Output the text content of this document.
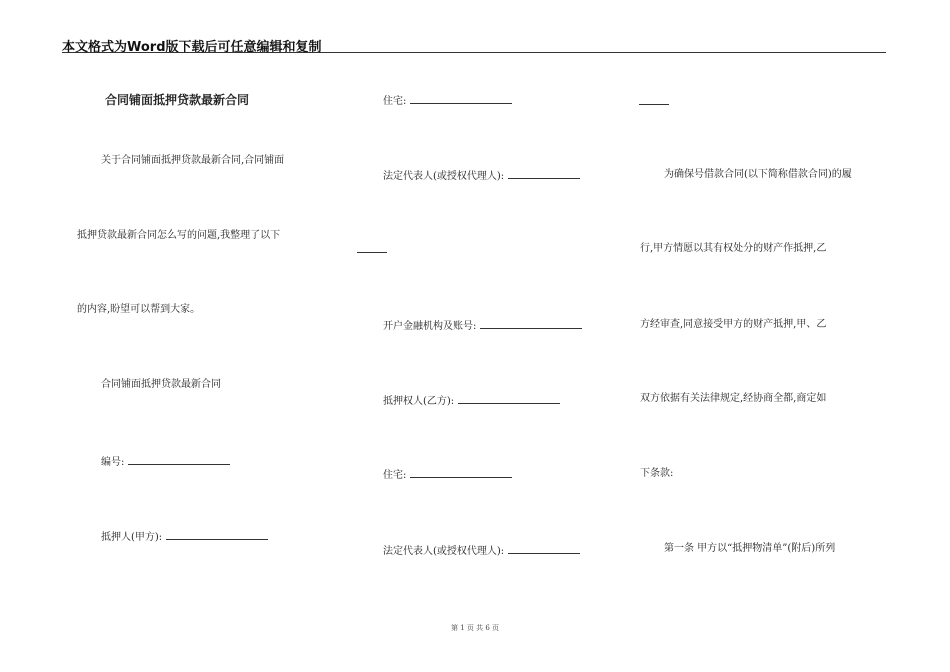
本文格式为Word版下载后可任意编辑和复制
合同铺面抵押贷款最新合同
关于合同铺面抵押贷款最新合同,合同铺面
抵押贷款最新合同怎么写的问题,我整理了以下
的内容,盼望可以帮到大家。
合同铺面抵押贷款最新合同
编号:
抵押人(甲方):
住宅:
法定代表人(或授权代理人):
开户金融机构及账号:
抵押权人(乙方):
住宅:
法定代表人(或授权代理人):
为确保号借款合同(以下简称借款合同)的履
行,甲方情愿以其有权处分的财产作抵押,乙
方经审查,同意接受甲方的财产抵押,甲、乙
双方依据有关法律规定,经协商全都,商定如
下条款:
第一条 甲方以“抵押物清单”(附后)所列
第 1 页 共 6 页
